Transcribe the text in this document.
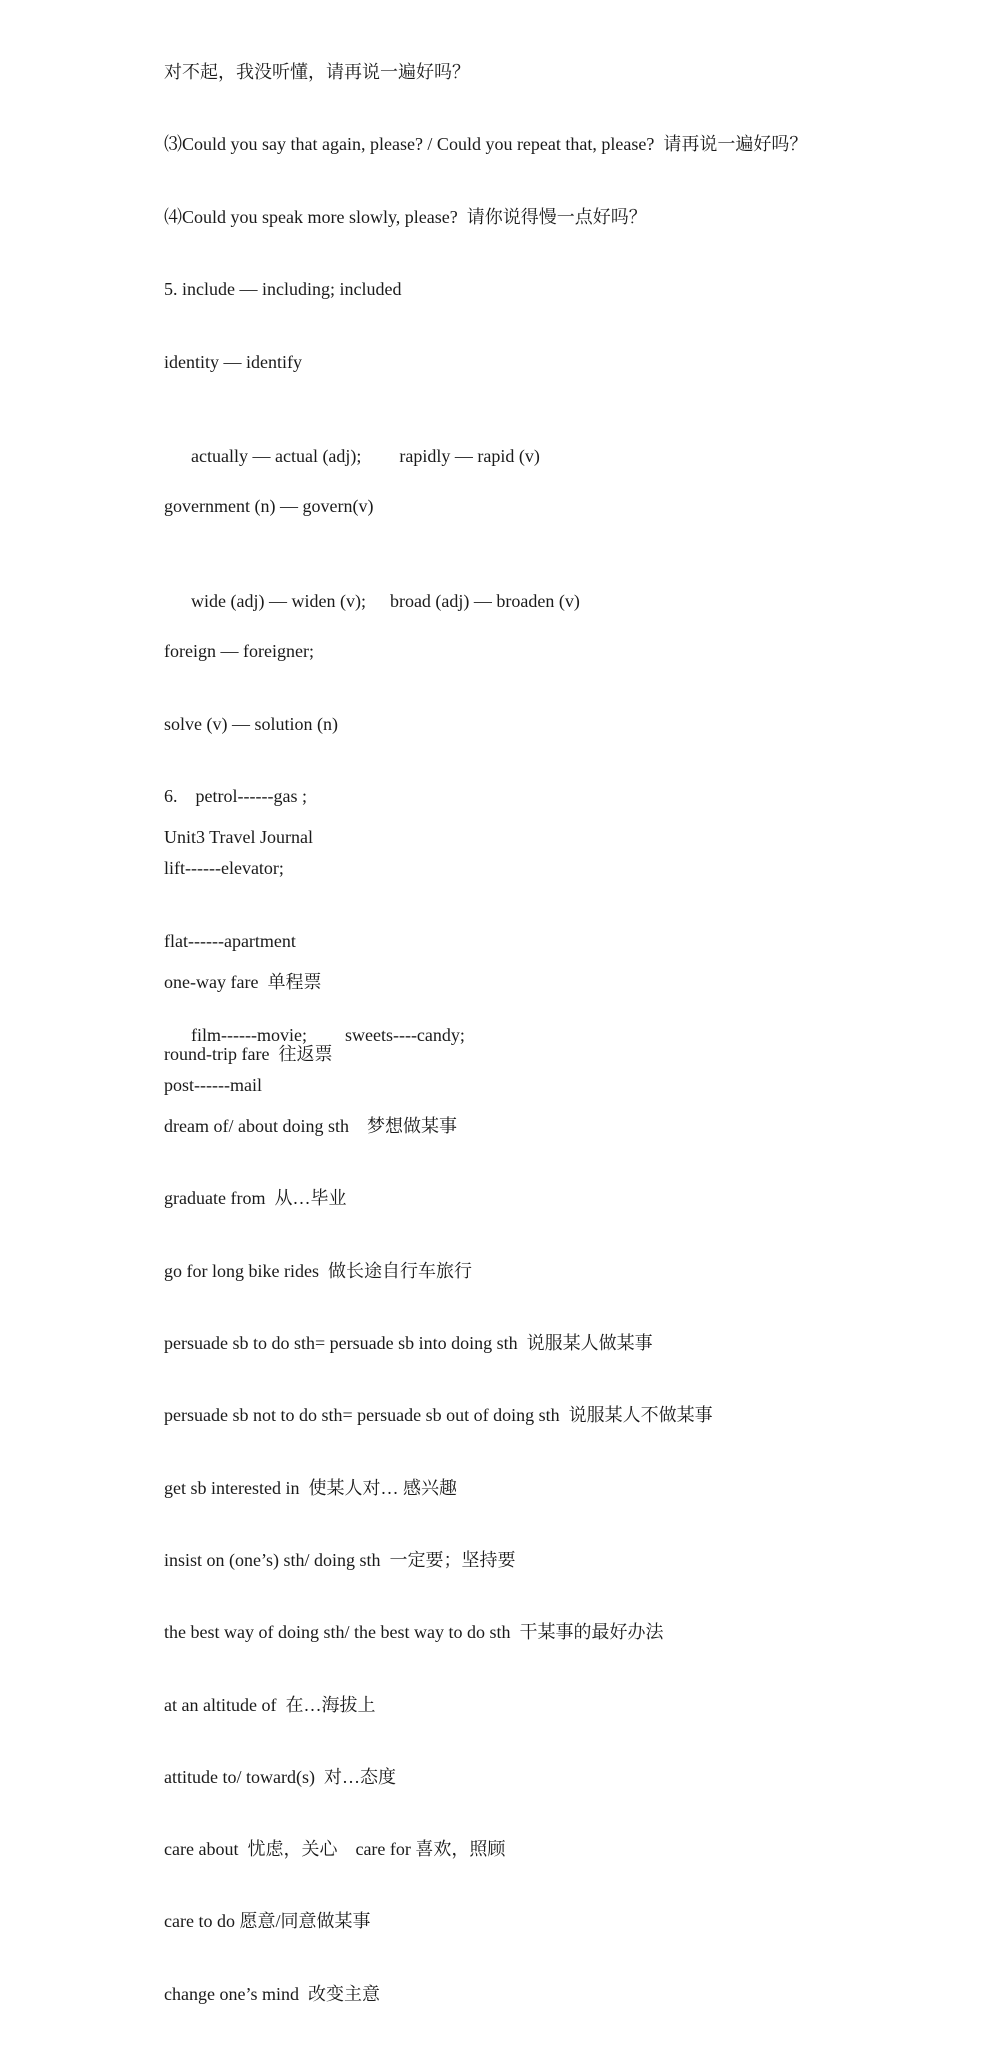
对不起，我没听懂，请再说一遍好吗？

⑶Could you say that again, please? / Could you repeat that, please?  请再说一遍好吗？

⑷Could you speak more slowly, please?  请你说得慢一点好吗？

5. include — including; included

identity — identify

actually — actual (adj); rapidly — rapid (v)

government (n) — govern(v)

wide (adj) — widen (v); broad (adj) — broaden (v)

foreign — foreigner;

solve (v) — solution (n)

6.    petrol------gas ;

lift------elevator;

flat------apartment

film------movie; sweets----candy;

post------mail

Unit3 Travel Journal

one-way fare  单程票

round-trip fare  往返票

dream of/ about doing sth    梦想做某事

graduate from  从…毕业

go for long bike rides  做长途自行车旅行

persuade sb to do sth= persuade sb into doing sth  说服某人做某事

persuade sb not to do sth= persuade sb out of doing sth  说服某人不做某事

get sb interested in  使某人对… 感兴趣

insist on (one’s) sth/ doing sth  一定要；坚持要

the best way of doing sth/ the best way to do sth  干某事的最好办法

at an altitude of  在…海拔上

attitude to/ toward(s)  对…态度

care about  忧虑，关心    care for 喜欢，照顾

care to do 愿意/同意做某事

change one’s mind  改变主意
